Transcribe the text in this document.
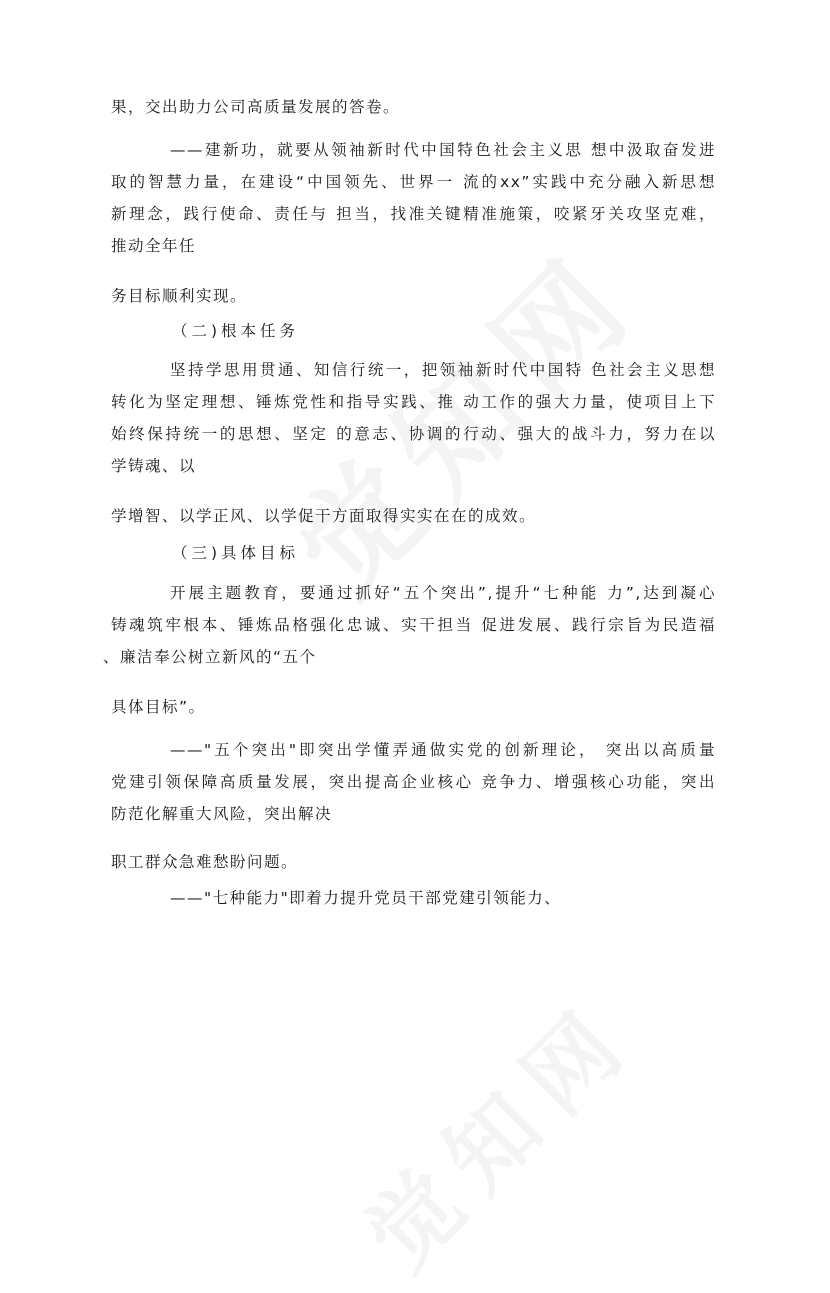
果，交出助力公司高质量发展的答卷。
——建新功，就要从领袖新时代中国特色社会主义思 想中汲取奋发进
取的智慧力量，在建设“中国领先、世界一 流的xx”实践中充分融入新思想
新理念，践行使命、责任与 担当，找准关键精准施策，咬紧牙关攻坚克难，
推动全年任
务目标顺利实现。
（二)根本任务
坚持学思用贯通、知信行统一，把领袖新时代中国特 色社会主义思想
转化为坚定理想、锤炼党性和指导实践、推 动工作的强大力量，使项目上下
始终保持统一的思想、坚定 的意志、协调的行动、强大的战斗力，努力在以
学铸魂、以
学增智、以学正风、以学促干方面取得实实在在的成效。
（三)具体目标
开展主题教育，要通过抓好“五个突出”,提升“七种能 力”,达到凝心
铸魂筑牢根本、锤炼品格强化忠诚、实干担当 促进发展、践行宗旨为民造福
、廉洁奉公树立新风的“五个
具体目标”。
——"五个突出"即突出学懂弄通做实党的创新理论， 突出以高质量
党建引领保障高质量发展，突出提高企业核心 竞争力、增强核心功能，突出
防范化解重大风险，突出解决
职工群众急难愁盼问题。
——"七种能力"即着力提升党员干部党建引领能力、
